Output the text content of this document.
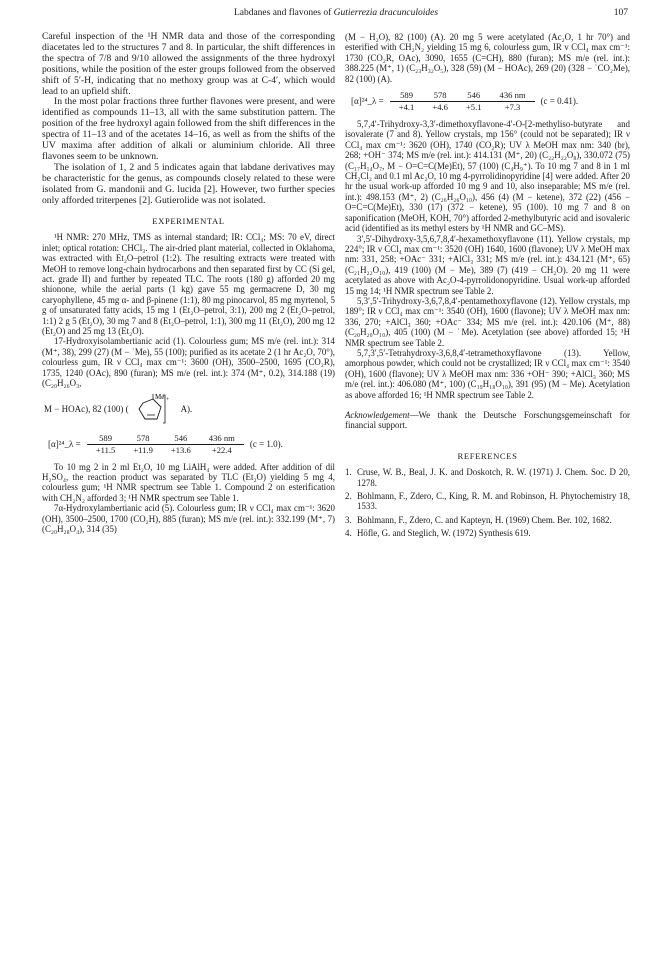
Labdanes and flavones of Gutierrezia dracunculoides	107

Careful inspection of the ¹H NMR data and those of the corresponding diacetates led to the structures 7 and 8. In particular, the shift differences in the spectra of 7/8 and 9/10 allowed the assignments of the three hydroxyl positions, while the position of the ester groups followed from the observed shift of 5′-H, indicating that no methoxy group was at C-4′, which would lead to an upfield shift.

In the most polar fractions three further flavones were present, and were identified as compounds 11–13, all with the same substitution pattern. The position of the free hydroxyl again followed from the shift differences in the spectra of 11–13 and of the acetates 14–16, as well as from the shifts of the UV maxima after addition of alkali or aluminium chloride. All three flavones seem to be unknown.

The isolation of 1, 2 and 5 indicates again that labdane derivatives may be characteristic for the genus, as compounds closely related to these were isolated from G. mandonii and G. lucida [2]. However, two further species only afforded triterpenes [2]. Gutierolide was not isolated.

EXPERIMENTAL

¹H NMR: 270 MHz, TMS as internal standard; IR: CCl₄; MS: 70 eV, direct inlet; optical rotation: CHCl₃. The air-dried plant material, collected in Oklahoma, was extracted with Et₂O–petrol (1:2). The resulting extracts were treated with MeOH to remove long-chain hydrocarbons and then separated first by CC (Si gel, act. grade II) and further by repeated TLC. The roots (180 g) afforded 20 mg shionone, while the aerial parts (1 kg) gave 55 mg germacrene D, 30 mg caryophyllene, 45 mg α- and β-pinene (1:1), 80 mg pinocarvol, 85 mg myrtenol, 5 g of unsaturated fatty acids, 15 mg 1 (Et₂O–petrol, 3:1), 200 mg 2 (Et₂O–petrol, 1:1) 2 g 5 (Et₂O), 30 mg 7 and 8 (Et₂O–petrol, 1:1), 300 mg 11 (Et₂O), 200 mg 12 (Et₂O) and 25 mg 13 (Et₂O).

17-Hydroxyisolambertianic acid (1). Colourless gum; MS m/e (rel. int.): 314 (M⁺, 38), 299 (27) (M − ˙Me), 55 (100); purified as its acetate 2 (1 hr Ac₂O, 70°), colourless gum, IR ν CCl₄ max cm⁻¹: 3600 (OH), 3500–2500, 1695 (CO₂R), 1735, 1240 (OAc), 890 (furan); MS m/e (rel. int.): 374 (M⁺, 0.2), 314.188 (19) (C₂₀H₂₆O₃,

M − HOAc), 82 (100) (
+
Me
A).
[α]²⁴_λ =
589	578	546	436 nm
+11.5	+11.9	+13.6	+22.4
(c = 1.0).

To 10 mg 2 in 2 ml Et₂O, 10 mg LiAlH₄ were added. After addition of dil H₂SO₄, the reaction product was separated by TLC (Et₂O) yielding 5 mg 4, colourless gum; ¹H NMR spectrum see Table 1. Compound 2 on esterification with CH₂N₂ afforded 3; ¹H NMR spectrum see Table 1.

7α-Hydroxylambertianic acid (5). Colourless gum; IR ν CCl₄ max cm⁻¹: 3620 (OH), 3500–2500, 1700 (CO₂H), 885 (furan); MS m/e (rel. int.): 332.199 (M⁺, 7) (C₂₀H₂₈O₄), 314 (35)

(M − H₂O), 82 (100) (A). 20 mg 5 were acetylated (Ac₂O, 1 hr 70°) and esterified with CH₂N₂ yielding 15 mg 6, colourless gum, IR ν CCl₄ max cm⁻¹: 1730 (CO₂R, OAc), 3090, 1655 (C=CH), 880 (furan); MS m/e (rel. int.): 388.225 (M⁺, 1) (C₂₃H₃₂O₅), 328 (59) (M − HOAc), 269 (20) (328 − ˙CO₂Me), 82 (100) (A).

[α]²⁴_λ =
589	578	546	436 nm
+4.1	+4.6	+5.1	+7.3
(c = 0.41).

5,7,4′-Trihydroxy-3,3′-dimethoxyflavone-4′-O-[2-methyliso-butyrate and isovalerate (7 and 8). Yellow crystals, mp 156° (could not be separated); IR ν CCl₄ max cm⁻¹: 3620 (OH), 1740 (CO₂R); UV λ MeOH max nm: 340 (br), 268; +OH⁻ 374; MS m/e (rel. int.): 414.131 (M⁺, 20) (C₂₂H₂₂O₈), 330.072 (75) (C₁₇H₁₄O₇, M − O=C=C(Me)Et), 57 (100) (C₄H₉⁺). To 10 mg 7 and 8 in 1 ml CH₂Cl₂ and 0.1 ml Ac₂O, 10 mg 4-pyrrolidinopyridine [4] were added. After 20 hr the usual work-up afforded 10 mg 9 and 10, also inseparable; MS m/e (rel. int.): 498.153 (M⁺, 2) (C₂₆H₂₆O₁₀), 456 (4) (M − ketene), 372 (22) (456 − O=C=C(Me)Et), 330 (17) (372 − ketene), 95 (100). 10 mg 7 and 8 on saponification (MeOH, KOH, 70°) afforded 2-methylbutyric acid and isovaleric acid (identified as its methyl esters by ¹H NMR and GC–MS).

3′,5′-Dihydroxy-3,5,6,7,8,4′-hexamethoxyflavone (11). Yellow crystals, mp 224°; IR ν CCl₄ max cm⁻¹: 3520 (OH) 1640, 1600 (flavone); UV λ MeOH max nm: 331, 258; +OAc⁻ 331; +AlCl₃ 331; MS m/e (rel. int.): 434.121 (M⁺, 65) (C₂₁H₂₂O₁₀), 419 (100) (M − Me), 389 (7) (419 − CH₂O). 20 mg 11 were acetylated as above with Ac₂O-4-pyrrolidonopyridine. Usual work-up afforded 15 mg 14; ¹H NMR spectrum see Table 2.

5,3′,5′-Trihydroxy-3,6,7,8,4′-pentamethoxyflavone (12). Yellow crystals, mp 189°; IR ν CCl₄ max cm⁻¹: 3540 (OH), 1600 (flavone); UV λ MeOH max nm: 336, 270; +AlCl₃ 360; +OAc⁻ 334; MS m/e (rel. int.): 420.106 (M⁺, 88) (C₂₀H₂₀O₁₀), 405 (100) (M − ˙Me). Acetylation (see above) afforded 15; ¹H NMR spectrum see Table 2.

5,7,3′,5′-Tetrahydroxy-3,6,8,4′-tetramethoxyflavone (13). Yellow, amorphous powder, which could not be crystallized; IR ν CCl₄ max cm⁻¹: 3540 (OH), 1600 (flavone); UV λ MeOH max nm: 336 +OH⁻ 390; +AlCl₃ 360; MS m/e (rel. int.): 406.080 (M⁺, 100) (C₁₉H₁₈O₁₀), 391 (95) (M − Me). Acetylation as above afforded 16; ¹H NMR spectrum see Table 2.

Acknowledgement—We thank the Deutsche Forschungsgemeinschaft for financial support.

REFERENCES
1. Cruse, W. B., Beal, J. K. and Doskotch, R. W. (1971) J. Chem. Soc. D 20, 1278.
2. Bohlmann, F., Zdero, C., King, R. M. and Robinson, H. Phytochemistry 18, 1533.
3. Bohlmann, F., Zdero, C. and Kapteyn, H. (1969) Chem. Ber. 102, 1682.
4. Höfle, G. and Steglich, W. (1972) Synthesis 619.
